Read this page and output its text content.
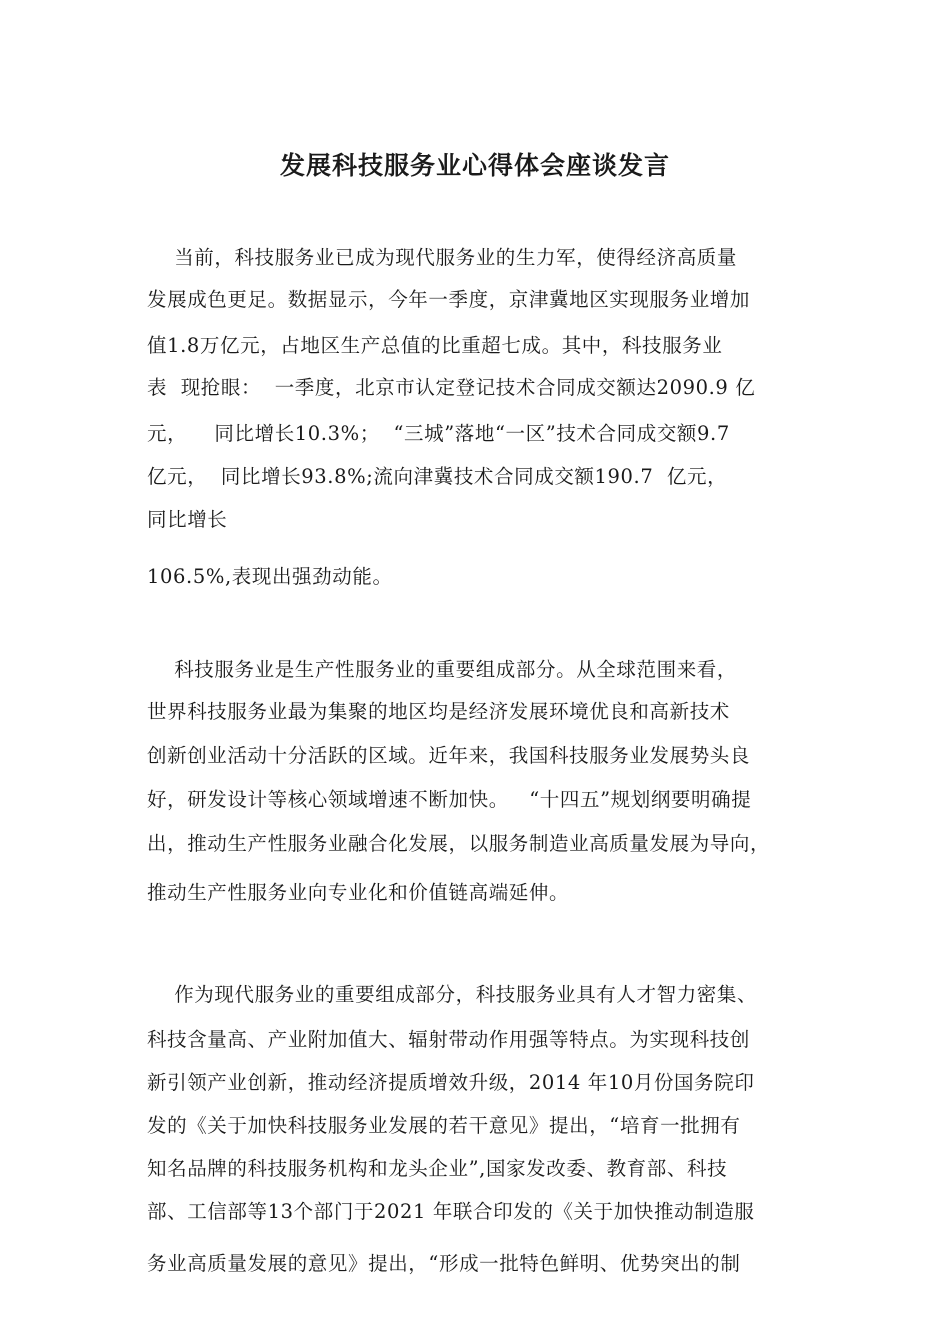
发展科技服务业心得体会座谈发言
当前，科技服务业已成为现代服务业的生力军，使得经济高质量
发展成色更足。数据显示，今年一季度，京津冀地区实现服务业增加
值1.8万亿元，占地区生产总值的比重超七成。其中，科技服务业
表  现抢眼：  一季度，北京市认定登记技术合同成交额达2090.9 亿
元，    同比增长10.3%；  “三城”落地“一区”技术合同成交额9.7
亿元，  同比增长93.8%;流向津冀技术合同成交额190.7  亿元，
同比增长
106.5%,表现出强劲动能。
科技服务业是生产性服务业的重要组成部分。从全球范围来看，
世界科技服务业最为集聚的地区均是经济发展环境优良和高新技术
创新创业活动十分活跃的区域。近年来，我国科技服务业发展势头良
好，研发设计等核心领域增速不断加快。   “十四五”规划纲要明确提
出，推动生产性服务业融合化发展，以服务制造业高质量发展为导向，
推动生产性服务业向专业化和价值链高端延伸。
作为现代服务业的重要组成部分，科技服务业具有人才智力密集、
科技含量高、产业附加值大、辐射带动作用强等特点。为实现科技创
新引领产业创新，推动经济提质增效升级，2014 年10月份国务院印
发的《关于加快科技服务业发展的若干意见》提出，“培育一批拥有
知名品牌的科技服务机构和龙头企业”,国家发改委、教育部、科技
部、工信部等13个部门于2021 年联合印发的《关于加快推动制造服
务业高质量发展的意见》提出，“形成一批特色鲜明、优势突出的制
